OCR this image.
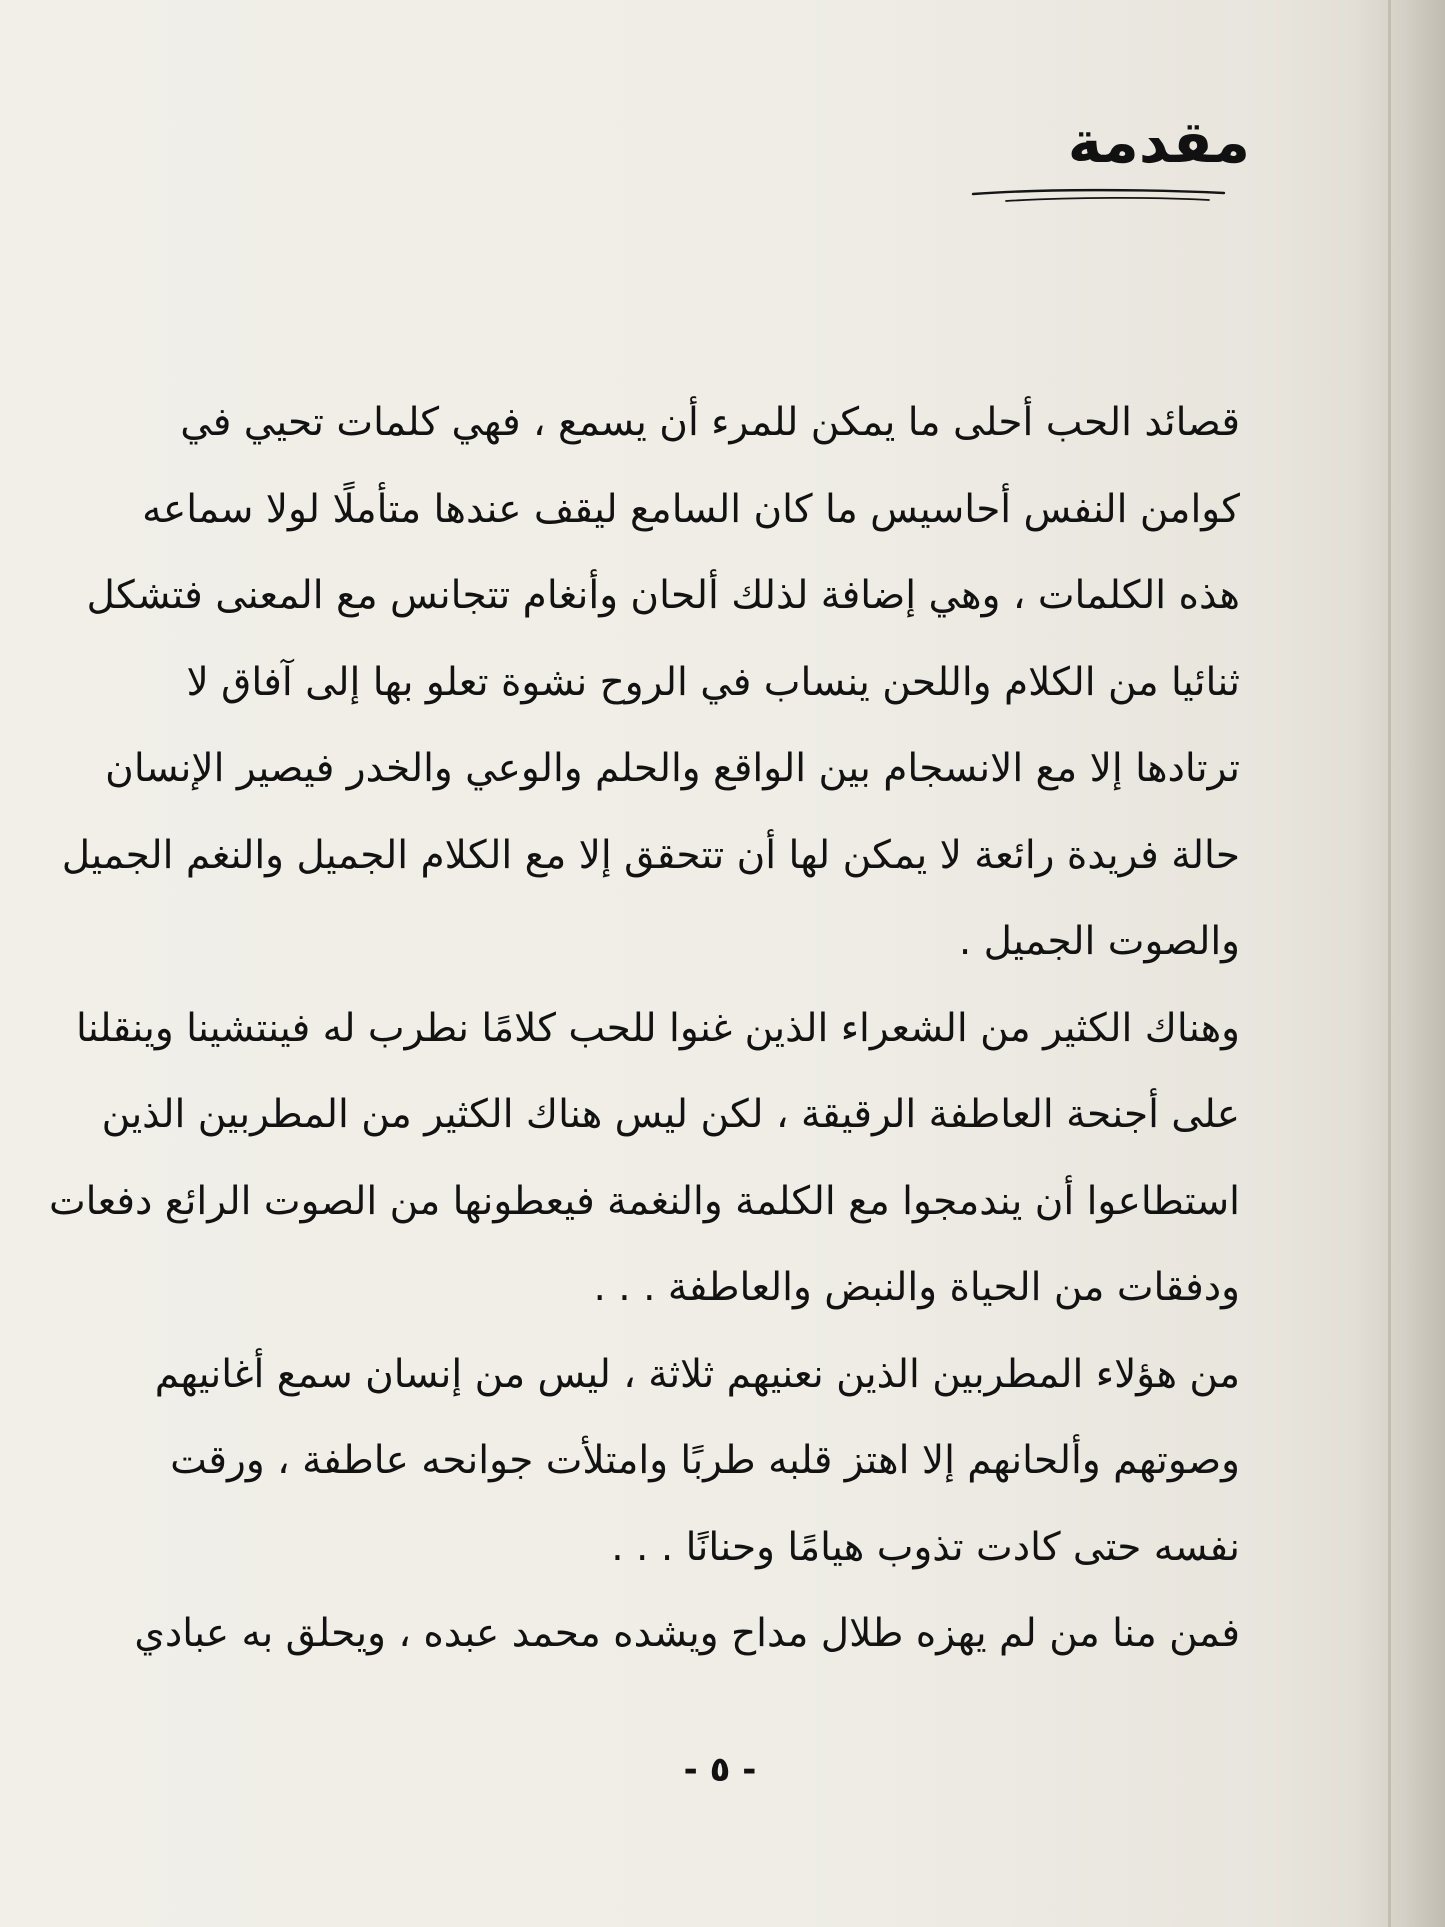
مقدمة
قصائد الحب أحلى ما يمكن للمرء أن يسمع ، فهي كلمات تحيي في
كوامن النفس أحاسيس ما كان السامع ليقف عندها متأملًا لولا سماعه
هذه الكلمات ، وهي إضافة لذلك ألحان وأنغام تتجانس مع المعنى فتشكل
ثنائيا من الكلام واللحن ينساب في الروح نشوة تعلو بها إلى آفاق لا
ترتادها إلا مع الانسجام بين الواقع والحلم والوعي والخدر فيصير الإنسان
حالة فريدة رائعة لا يمكن لها أن تتحقق إلا مع الكلام الجميل والنغم الجميل
والصوت الجميل .
وهناك الكثير من الشعراء الذين غنوا للحب كلامًا نطرب له فينتشينا وينقلنا
على أجنحة العاطفة الرقيقة ، لكن ليس هناك الكثير من المطربين الذين
استطاعوا أن يندمجوا مع الكلمة والنغمة فيعطونها من الصوت الرائع دفعات
ودفقات من الحياة والنبض والعاطفة . . .
من هؤلاء المطربين الذين نعنيهم ثلاثة ، ليس من إنسان سمع أغانيهم
وصوتهم وألحانهم إلا اهتز قلبه طربًا وامتلأت جوانحه عاطفة ، ورقت
نفسه حتى كادت تذوب هيامًا وحنانًا . . .
فمن منا من لم يهزه طلال مداح ويشده محمد عبده ، ويحلق به عبادي

- ٥ -
